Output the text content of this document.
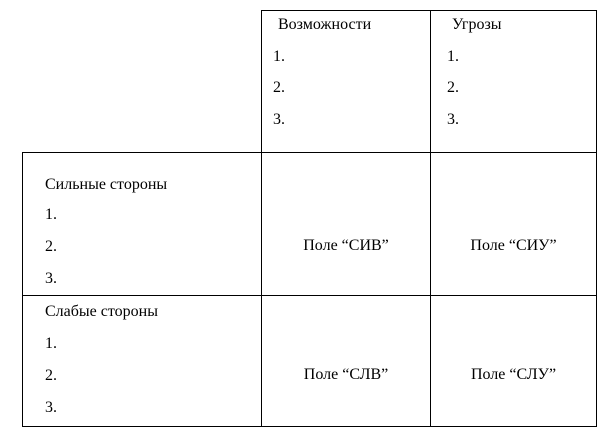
Возможности
1.
2.
3.
Угрозы
1.
2.
3.
Сильные стороны
1.
2.
3.
Поле “СИВ”	Поле “СИУ”
Слабые стороны
1.
2.
3.
Поле “СЛВ”	Поле “СЛУ”
